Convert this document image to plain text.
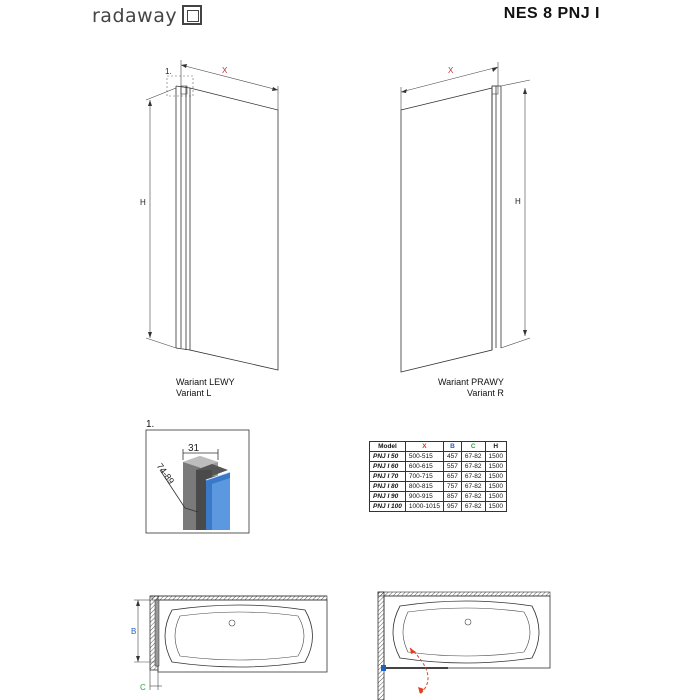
radaway	NES 8 PNJ I
1.	X
H
X
H
31
74-89
B
C
Wariant LEWY
Variant L
Wariant PRAWY
Variant R
1.
Model	X	B	C	H
PNJ I 50	500-515	457	67-82	1500
PNJ I 60	600-615	557	67-82	1500
PNJ I 70	700-715	657	67-82	1500
PNJ I 80	800-815	757	67-82	1500
PNJ I 90	900-915	857	67-82	1500
PNJ I 100	1000-1015	957	67-82	1500
